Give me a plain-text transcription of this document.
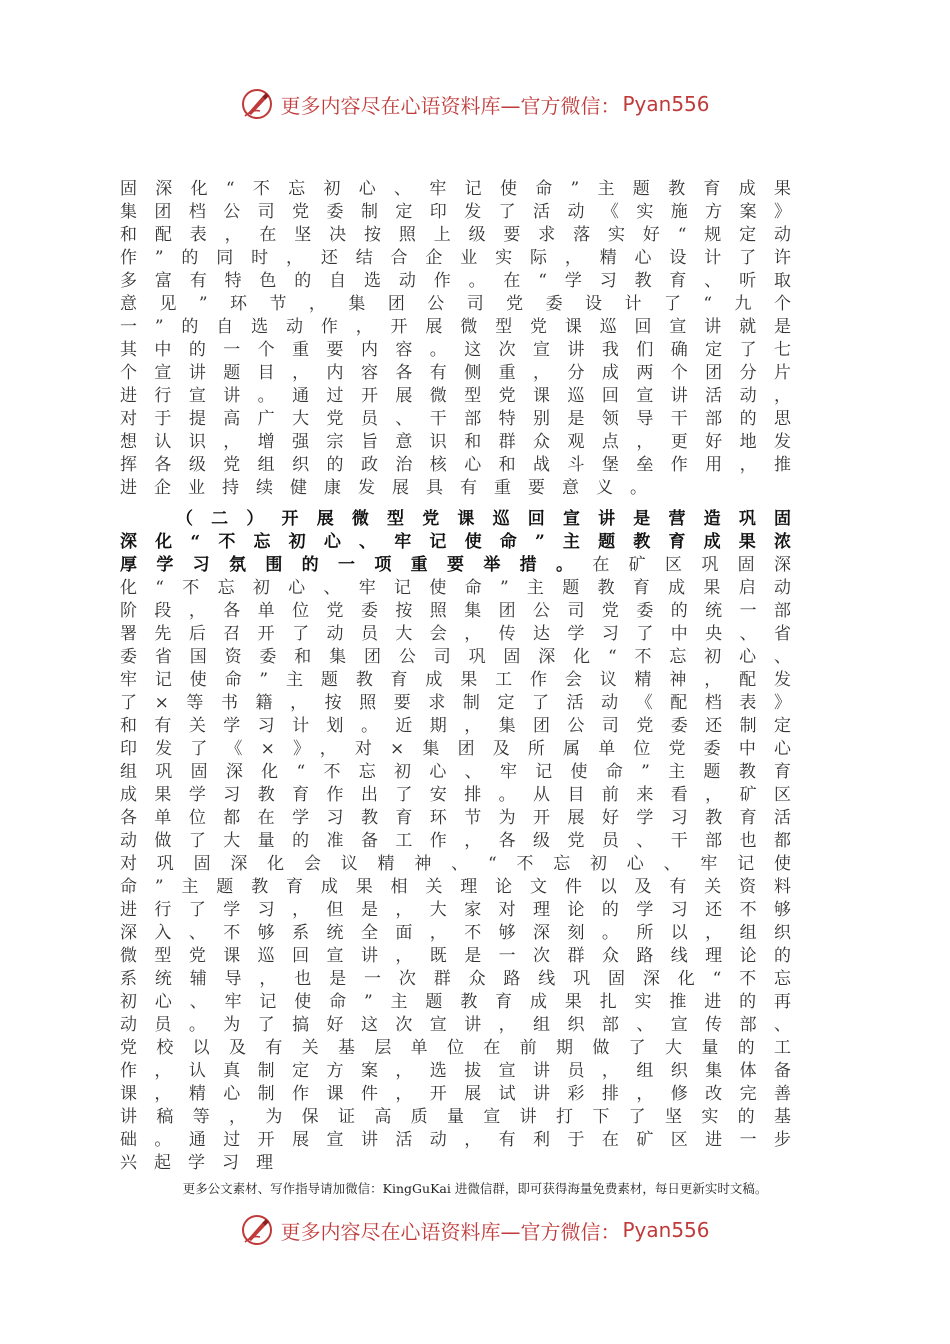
更多内容尽在心语资料库—官方微信： Pyan556

固深化“不忘初心、牢记使命”主题教育成果集团档公司党委制定印发了活动《实施方案》和配表，在坚决按照上级要求落实好“规定动作”的同时，还结合企业实际，精心设计了许多富有特色的自选动作。在“学习教育、听取意见”环节，集团公司党委设计了“九个一”的自选动作，开展微型党课巡回宣讲就是其中的一个重要内容。这次宣讲我们确定了七个宣讲题目，内容各有侧重，分成两个团分片进行宣讲。通过开展微型党课巡回宣讲活动，对于提高广大党员、干部特别是领导干部的思想认识，增强宗旨意识和群众观点，更好地发挥各级党组织的政治核心和战斗堡垒作用，推进企业持续健康发展具有重要意义。

（二）开展微型党课巡回宣讲是营造巩固深化“不忘初心、牢记使命”主题教育成果浓厚学习氛围的一项重要举措。在矿区巩固深化“不忘初心、牢记使命”主题教育成果启动阶段，各单位党委按照集团公司党委的统一部署先后召开了动员大会，传达学习了中央、省委省国资委和集团公司巩固深化“不忘初心、牢记使命”主题教育成果工作会议精神，配发了×等书籍，按照要求制定了活动《配档表》和有关学习计划。近期，集团公司党委还制定印发了《×》，对×集团及所属单位党委中心组巩固深化“不忘初心、牢记使命”主题教育成果学习教育作出了安排。从目前来看，矿区各单位都在学习教育环节为开展好学习教育活动做了大量的准备工作，各级党员、干部也都对巩固深化会议精神、“不忘初心、牢记使命”主题教育成果相关理论文件以及有关资料进行了学习，但是，大家对理论的学习还不够深入、不够系统全面，不够深刻。所以，组织微型党课巡回宣讲，既是一次群众路线理论的系统辅导，也是一次群众路线巩固深化“不忘初心、牢记使命”主题教育成果扎实推进的再动员。为了搞好这次宣讲，组织部、宣传部、党校以及有关基层单位在前期做了大量的工作，认真制定方案，选拔宣讲员，组织集体备课，精心制作课件，开展试讲彩排，修改完善讲稿等，为保证高质量宣讲打下了坚实的基础。通过开展宣讲活动，有利于在矿区进一步兴起学习理

更多公文素材、写作指导请加微信：KingGuKai 进微信群，即可获得海量免费素材，每日更新实时文稿。
更多内容尽在心语资料库—官方微信： Pyan556
